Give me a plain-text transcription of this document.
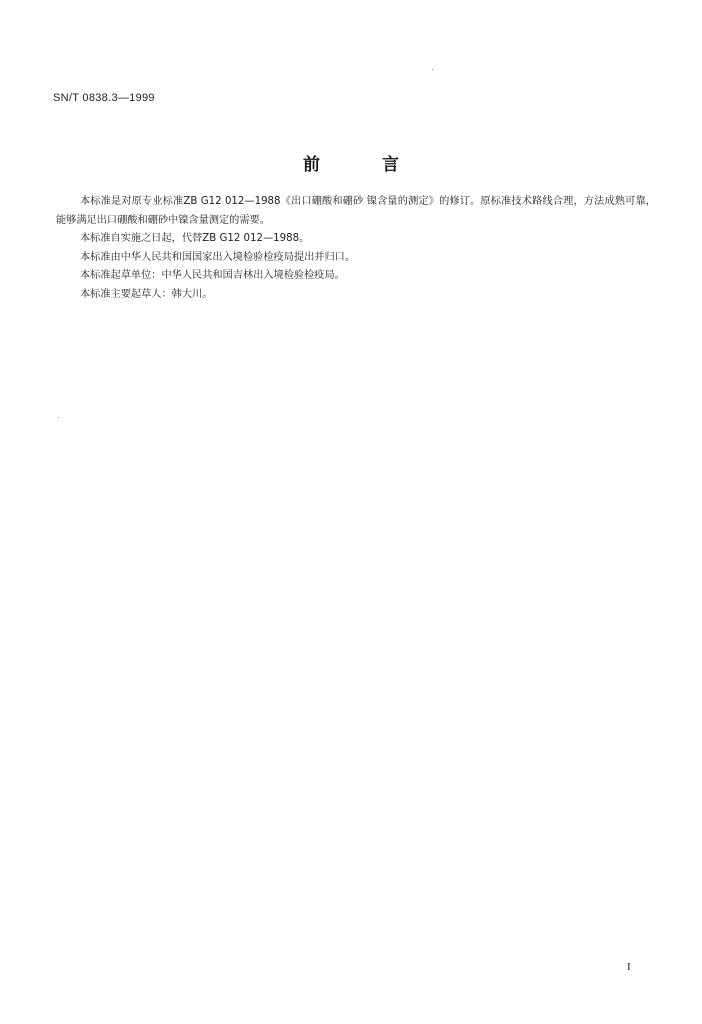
SN/T 0838.3—1999
前	言

本标准是对原专业标准ZB G12 012—1988《出口硼酸和硼砂 镍含量的测定》的修订。原标准技术路线合理，方法成熟可靠，能够满足出口硼酸和硼砂中镍含量测定的需要。

本标准自实施之日起，代替ZB G12 012—1988。

本标准由中华人民共和国国家出入境检验检疫局提出并归口。

本标准起草单位：中华人民共和国吉林出入境检验检疫局。

本标准主要起草人：韩大川。

I
